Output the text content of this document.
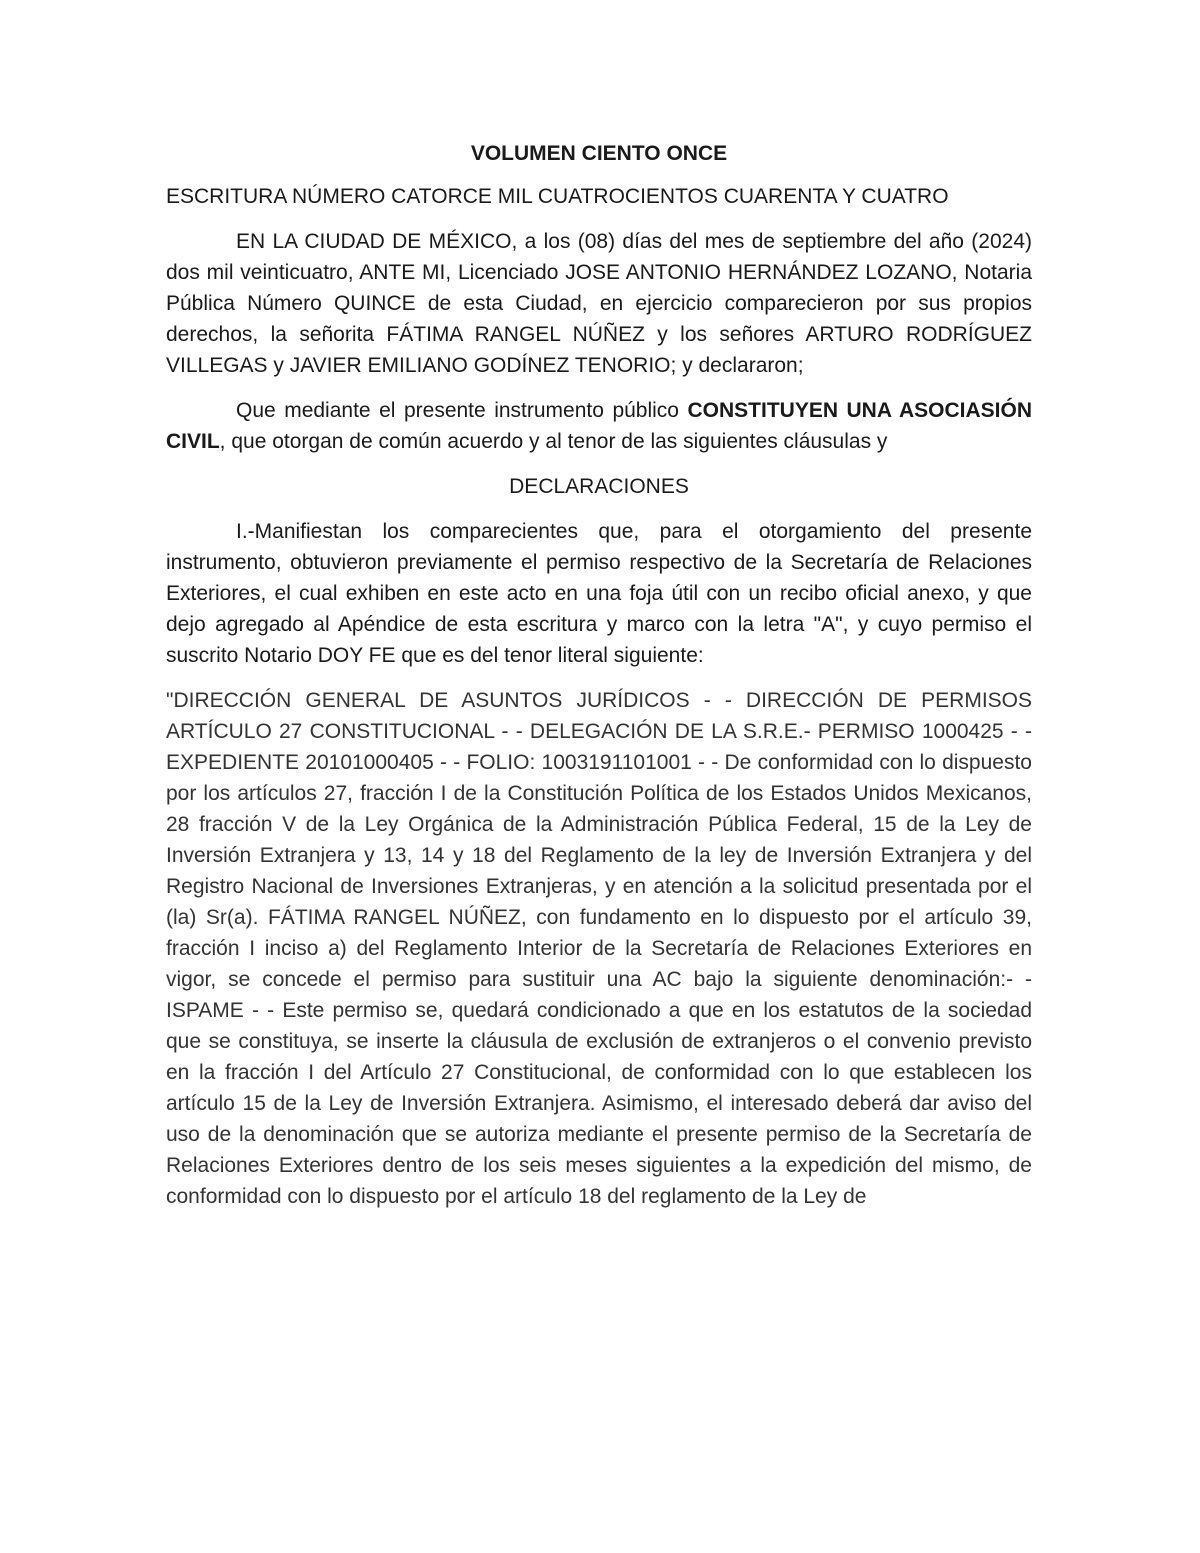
VOLUMEN CIENTO ONCE

ESCRITURA NÚMERO CATORCE MIL CUATROCIENTOS CUARENTA Y CUATRO

EN LA CIUDAD DE MÉXICO, a los (08) días del mes de septiembre del año (2024) dos mil veinticuatro, ANTE MI, Licenciado JOSE ANTONIO HERNÁNDEZ LOZANO, Notaria Pública Número QUINCE de esta Ciudad, en ejercicio comparecieron por sus propios derechos, la señorita FÁTIMA RANGEL NÚÑEZ y los señores ARTURO RODRÍGUEZ VILLEGAS y JAVIER EMILIANO GODÍNEZ TENORIO; y declararon;

Que mediante el presente instrumento público CONSTITUYEN UNA ASOCIASIÓN CIVIL, que otorgan de común acuerdo y al tenor de las siguientes cláusulas y

DECLARACIONES

I.-Manifiestan los comparecientes que, para el otorgamiento del presente instrumento, obtuvieron previamente el permiso respectivo de la Secretaría de Relaciones Exteriores, el cual exhiben en este acto en una foja útil con un recibo oficial anexo, y que dejo agregado al Apéndice de esta escritura y marco con la letra "A", y cuyo permiso el suscrito Notario DOY FE que es del tenor literal siguiente:

"DIRECCIÓN GENERAL DE ASUNTOS JURÍDICOS - - DIRECCIÓN DE PERMISOS ARTÍCULO 27 CONSTITUCIONAL - - DELEGACIÓN DE LA S.R.E.- PERMISO 1000425 - - EXPEDIENTE 20101000405 - - FOLIO: 1003191101001 - - De conformidad con lo dispuesto por los artículos 27, fracción I de la Constitución Política de los Estados Unidos Mexicanos, 28 fracción V de la Ley Orgánica de la Administración Pública Federal, 15 de la Ley de Inversión Extranjera y 13, 14 y 18 del Reglamento de la ley de Inversión Extranjera y del Registro Nacional de Inversiones Extranjeras, y en atención a la solicitud presentada por el (la) Sr(a). FÁTIMA RANGEL NÚÑEZ, con fundamento en lo dispuesto por el artículo 39, fracción I inciso a) del Reglamento Interior de la Secretaría de Relaciones Exteriores en vigor, se concede el permiso para sustituir una AC bajo la siguiente denominación:- - ISPAME - - Este permiso se, quedará condicionado a que en los estatutos de la sociedad que se constituya, se inserte la cláusula de exclusión de extranjeros o el convenio previsto en la fracción I del Artículo 27 Constitucional, de conformidad con lo que establecen los artículo 15 de la Ley de Inversión Extranjera. Asimismo, el interesado deberá dar aviso del uso de la denominación que se autoriza mediante el presente permiso de la Secretaría de Relaciones Exteriores dentro de los seis meses siguientes a la expedición del mismo, de conformidad con lo dispuesto por el artículo 18 del reglamento de la Ley de
